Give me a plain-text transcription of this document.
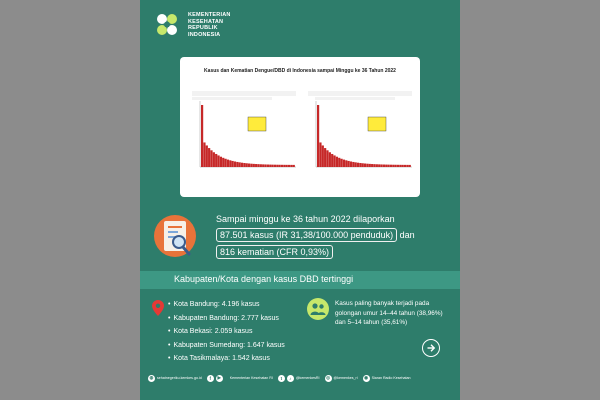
KEMENTERIAN
KESEHATAN
REPUBLIK
INDONESIA
Kasus dan Kematian Dengue/DBD di Indonesia sampai Minggu ke 36 Tahun 2022
Sampai minggu ke 36 tahun 2022 dilaporkan
87.501 kasus (IR 31,38/100.000 penduduk) dan
816 kematian (CFR 0,93%)
Kabupaten/Kota dengan kasus DBD tertinggi
• Kota Bandung: 4.196 kasus
• Kabupaten Bandung: 2.777 kasus
• Kota Bekasi: 2.059 kasus
• Kabupaten Sumedang: 1.647 kasus
• Kota Tasikmalaya: 1.542 kasus
Kasus paling banyak terjadi pada golongan umur 14–44 tahun (38,96%) dan 5–14 tahun (35,61%)
◍ sehatnegeriku.kemkes.go.id	f	▶	Kementerian Kesehatan RI	t	♪	@kemenkesRI	◎ @kemenkes_ri	◉ Siaran Radio Kesehatan
